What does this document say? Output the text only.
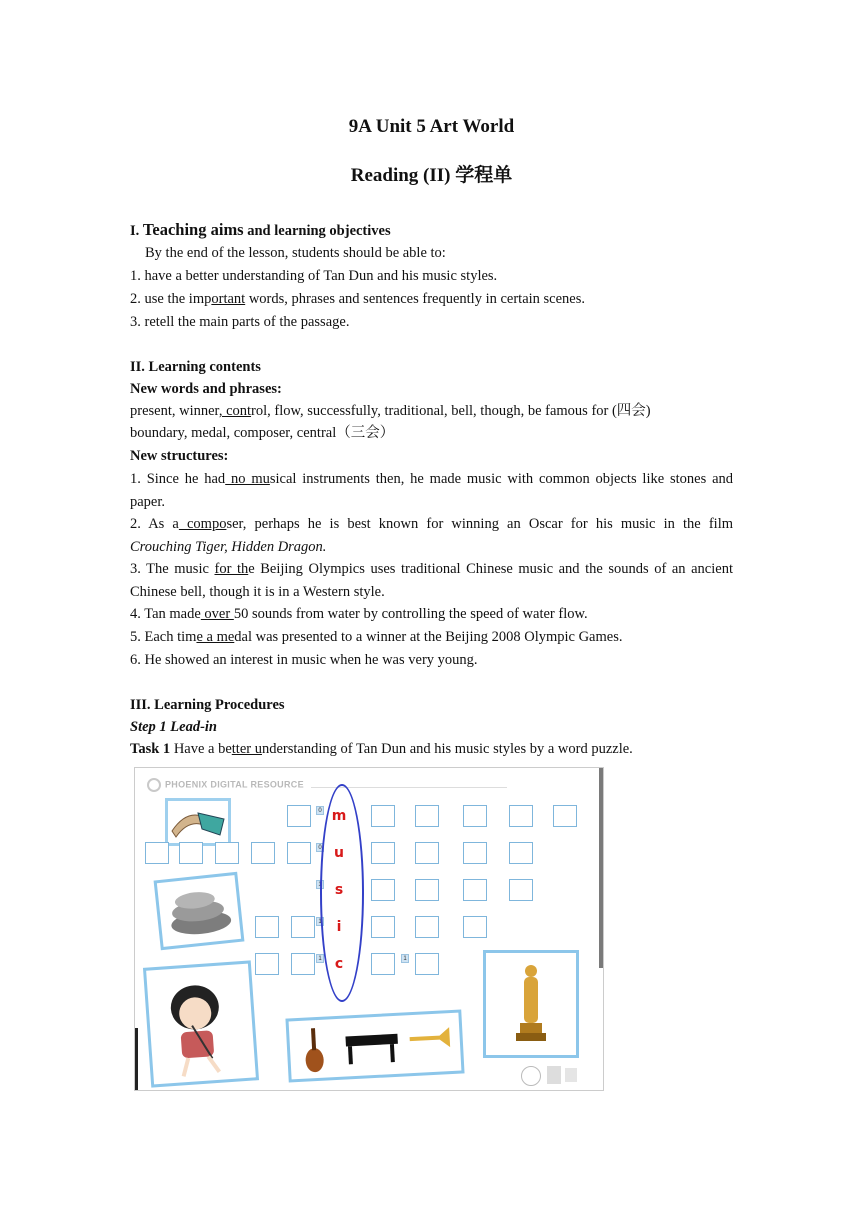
9A Unit 5 Art World
Reading (II) 学程单
I. Teaching aims and learning objectives
By the end of the lesson, students should be able to:
1. have a better understanding of Tan Dun and his music styles.
2. use the important words, phrases and sentences frequently in certain scenes.
3. retell the main parts of the passage.
II. Learning contents
New words and phrases:
present, winner, control, flow, successfully, traditional, bell, though, be famous for (四会)
boundary, medal, composer, central（三会）
New structures:
1. Since he had no musical instruments then, he made music with common objects like stones and
paper.
2. As a composer, perhaps he is best known for winning an Oscar for his music in the film
Crouching Tiger, Hidden Dragon.
3. The music for the Beijing Olympics uses traditional Chinese music and the sounds of an ancient
Chinese bell, though it is in a Western style.
4. Tan made over 50 sounds from water by controlling the speed of water flow.
5. Each time a medal was presented to a winner at the Beijing 2008 Olympic Games.
6. He showed an interest in music when he was very young.
III. Learning Procedures
Step 1 Lead-in
Task 1 Have a better understanding of Tan Dun and his music styles by a word puzzle.
PHOENIX DIGITAL RESOURCE
m
u
s
i
c
0
0
1
1
1	1
